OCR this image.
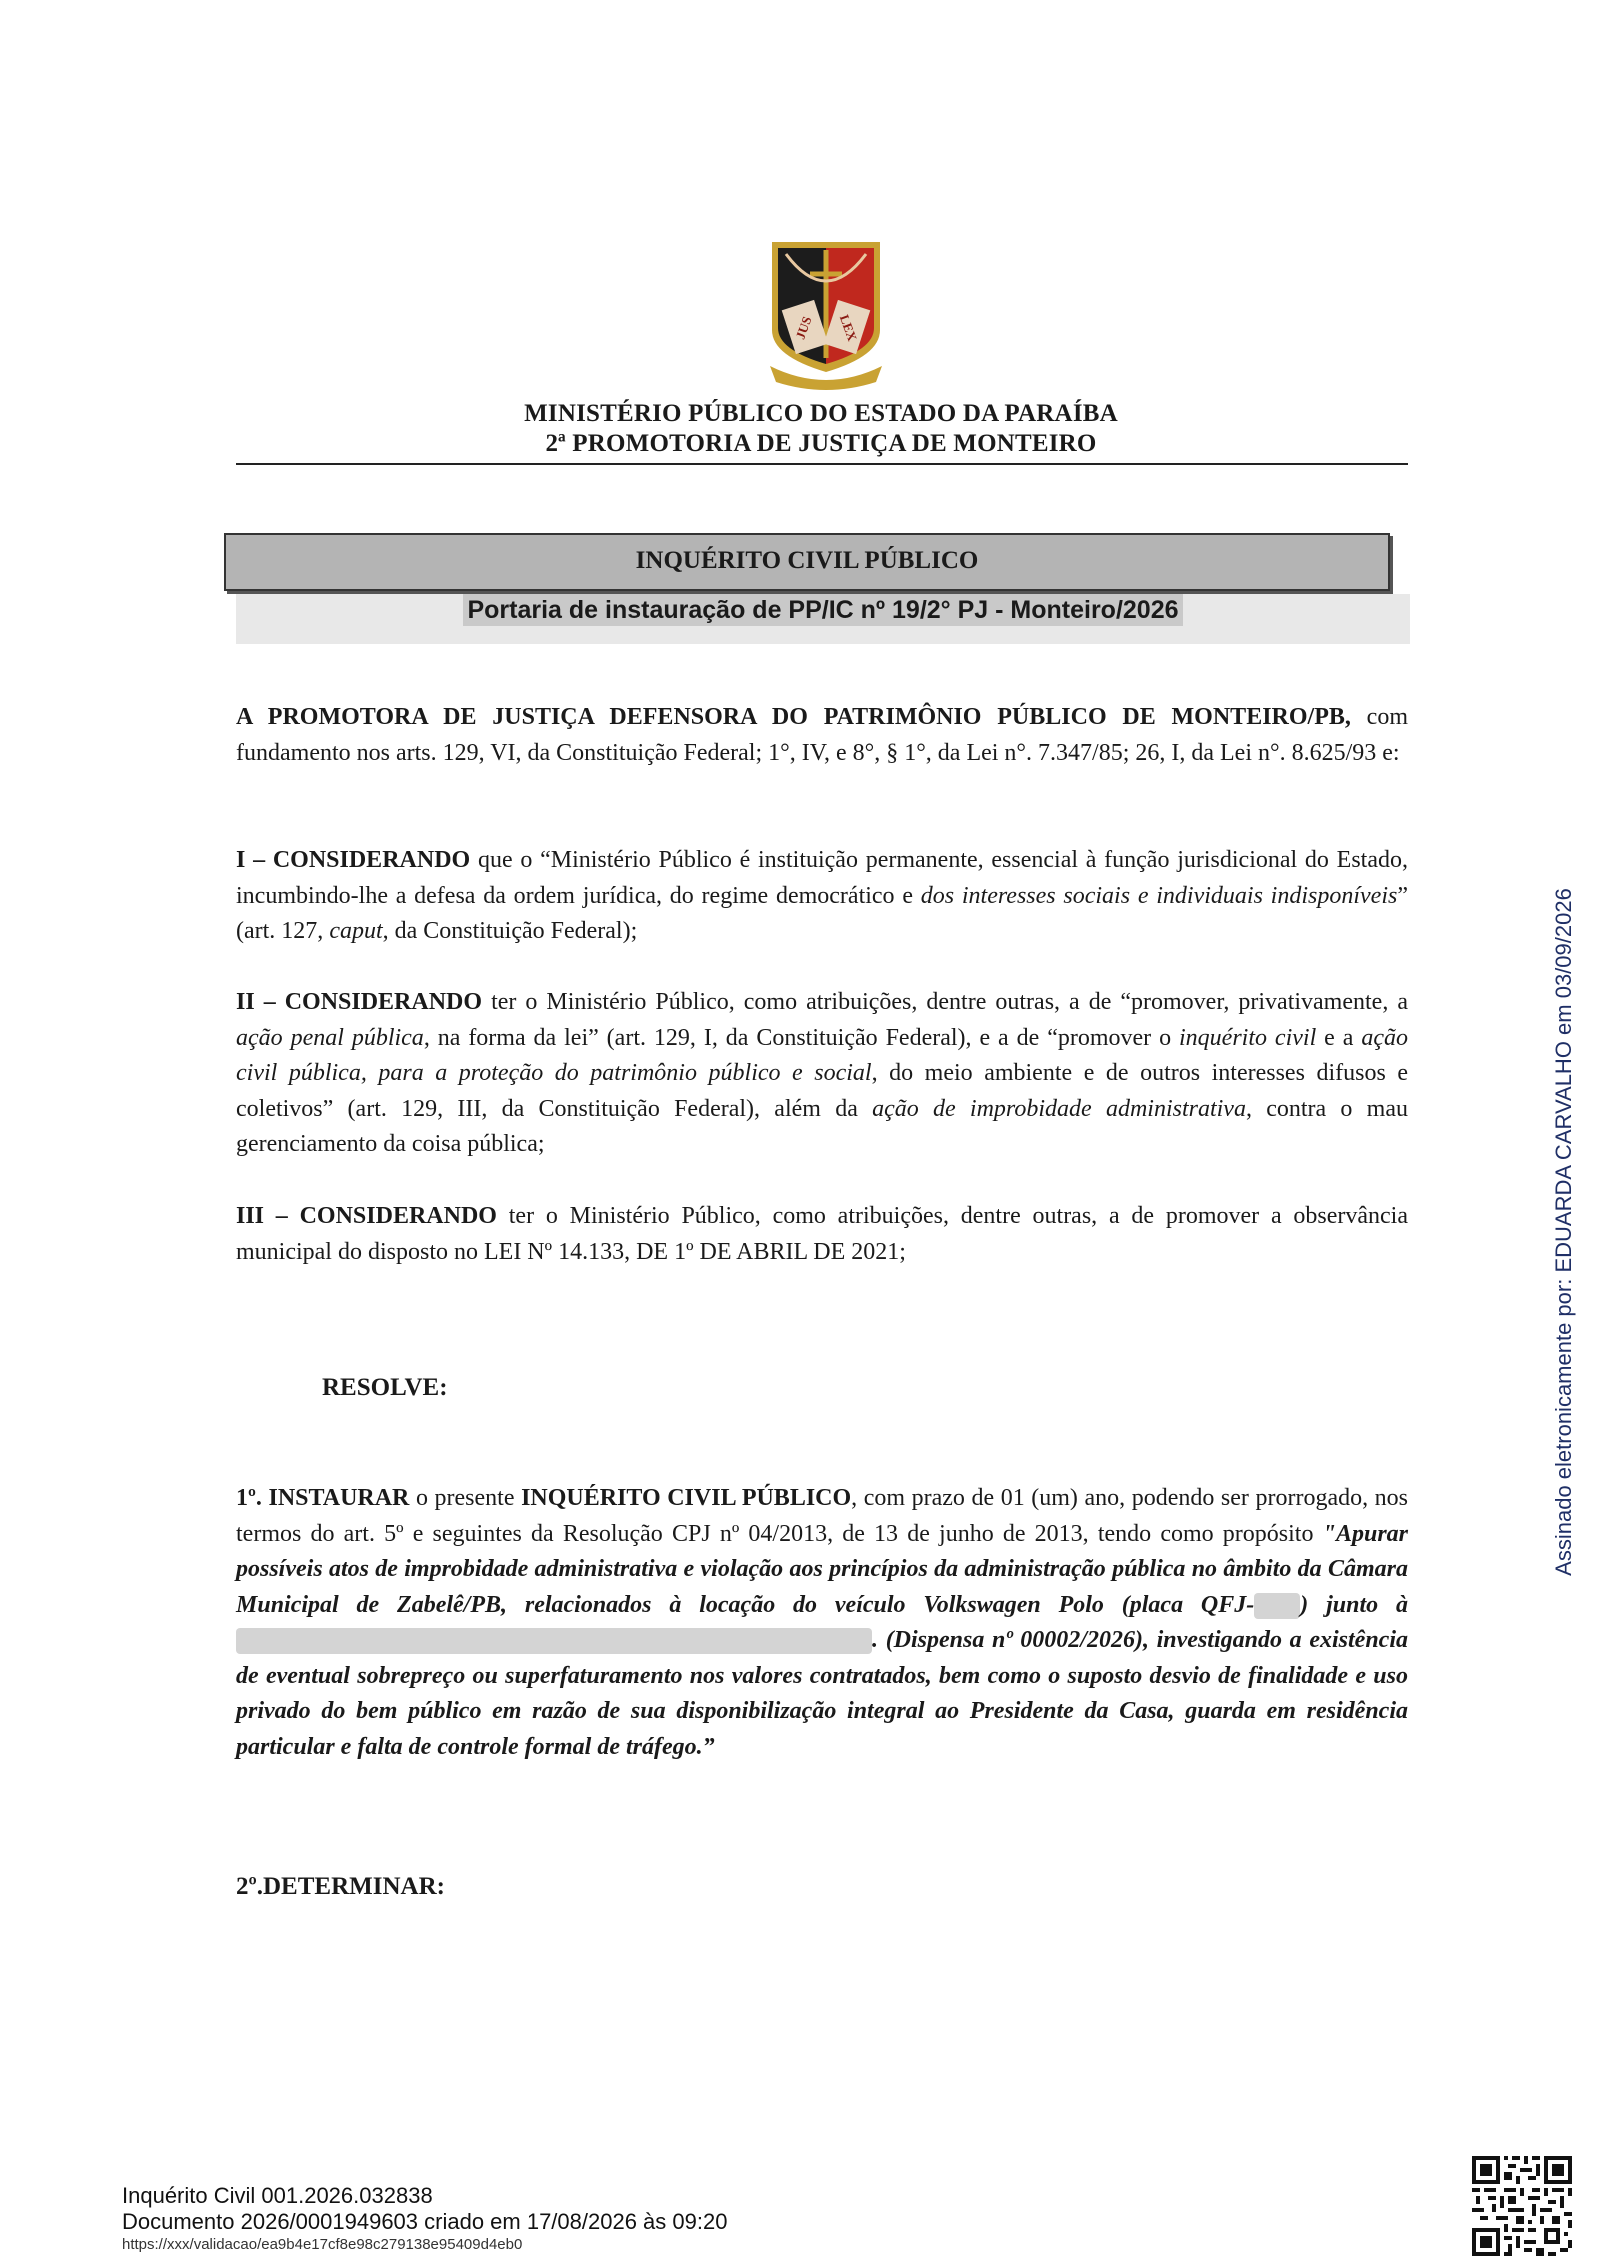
JUS LEX
MINISTÉRIO PÚBLICO DO ESTADO DA PARAÍBA
2ª PROMOTORIA DE JUSTIÇA DE MONTEIRO
INQUÉRITO CIVIL PÚBLICO
Portaria de instauração de PP/IC nº 19/2° PJ - Monteiro/2026

A PROMOTORA DE JUSTIÇA DEFENSORA DO PATRIMÔNIO PÚBLICO DE MONTEIRO/PB, com fundamento nos arts. 129, VI, da Constituição Federal; 1°, IV, e 8°, § 1°, da Lei n°. 7.347/85; 26, I, da Lei n°. 8.625/93 e:

I – CONSIDERANDO que o “Ministério Público é instituição permanente, essencial à função jurisdicional do Estado, incumbindo-lhe a defesa da ordem jurídica, do regime democrático e dos interesses sociais e individuais indisponíveis” (art. 127, caput, da Constituição Federal);

II – CONSIDERANDO ter o Ministério Público, como atribuições, dentre outras, a de “promover, privativamente, a ação penal pública, na forma da lei” (art. 129, I, da Constituição Federal), e a de “promover o inquérito civil e a ação civil pública, para a proteção do patrimônio público e social, do meio ambiente e de outros interesses difusos e coletivos” (art. 129, III, da Constituição Federal), além da ação de improbidade administrativa, contra o mau gerenciamento da coisa pública;

III – CONSIDERANDO ter o Ministério Público, como atribuições, dentre outras, a de promover a observância municipal do disposto no LEI Nº 14.133, DE 1º DE ABRIL DE 2021;

RESOLVE:

1º. INSTAURAR o presente INQUÉRITO CIVIL PÚBLICO, com prazo de 01 (um) ano, podendo ser prorrogado, nos termos do art. 5º e seguintes da Resolução CPJ nº 04/2013, de 13 de junho de 2013, tendo como propósito "Apurar possíveis atos de improbidade administrativa e violação aos princípios da administração pública no âmbito da Câmara Municipal de Zabelê/PB, relacionados à locação do veículo Volkswagen Polo (placa QFJ- ) junto à . (Dispensa nº 00002/2026), investigando a existência de eventual sobrepreço ou superfaturamento nos valores contratados, bem como o suposto desvio de finalidade e uso privado do bem público em razão de sua disponibilização integral ao Presidente da Casa, guarda em residência particular e falta de controle formal de tráfego.”

2º.DETERMINAR:
Assinado eletronicamente por: EDUARDA CARVALHO em 03/09/2026
Inquérito Civil 001.2026.032838
Documento 2026/0001949603 criado em 17/08/2026 às 09:20
https://xxx/validacao/ea9b4e17cf8e98c279138e95409d4eb0
